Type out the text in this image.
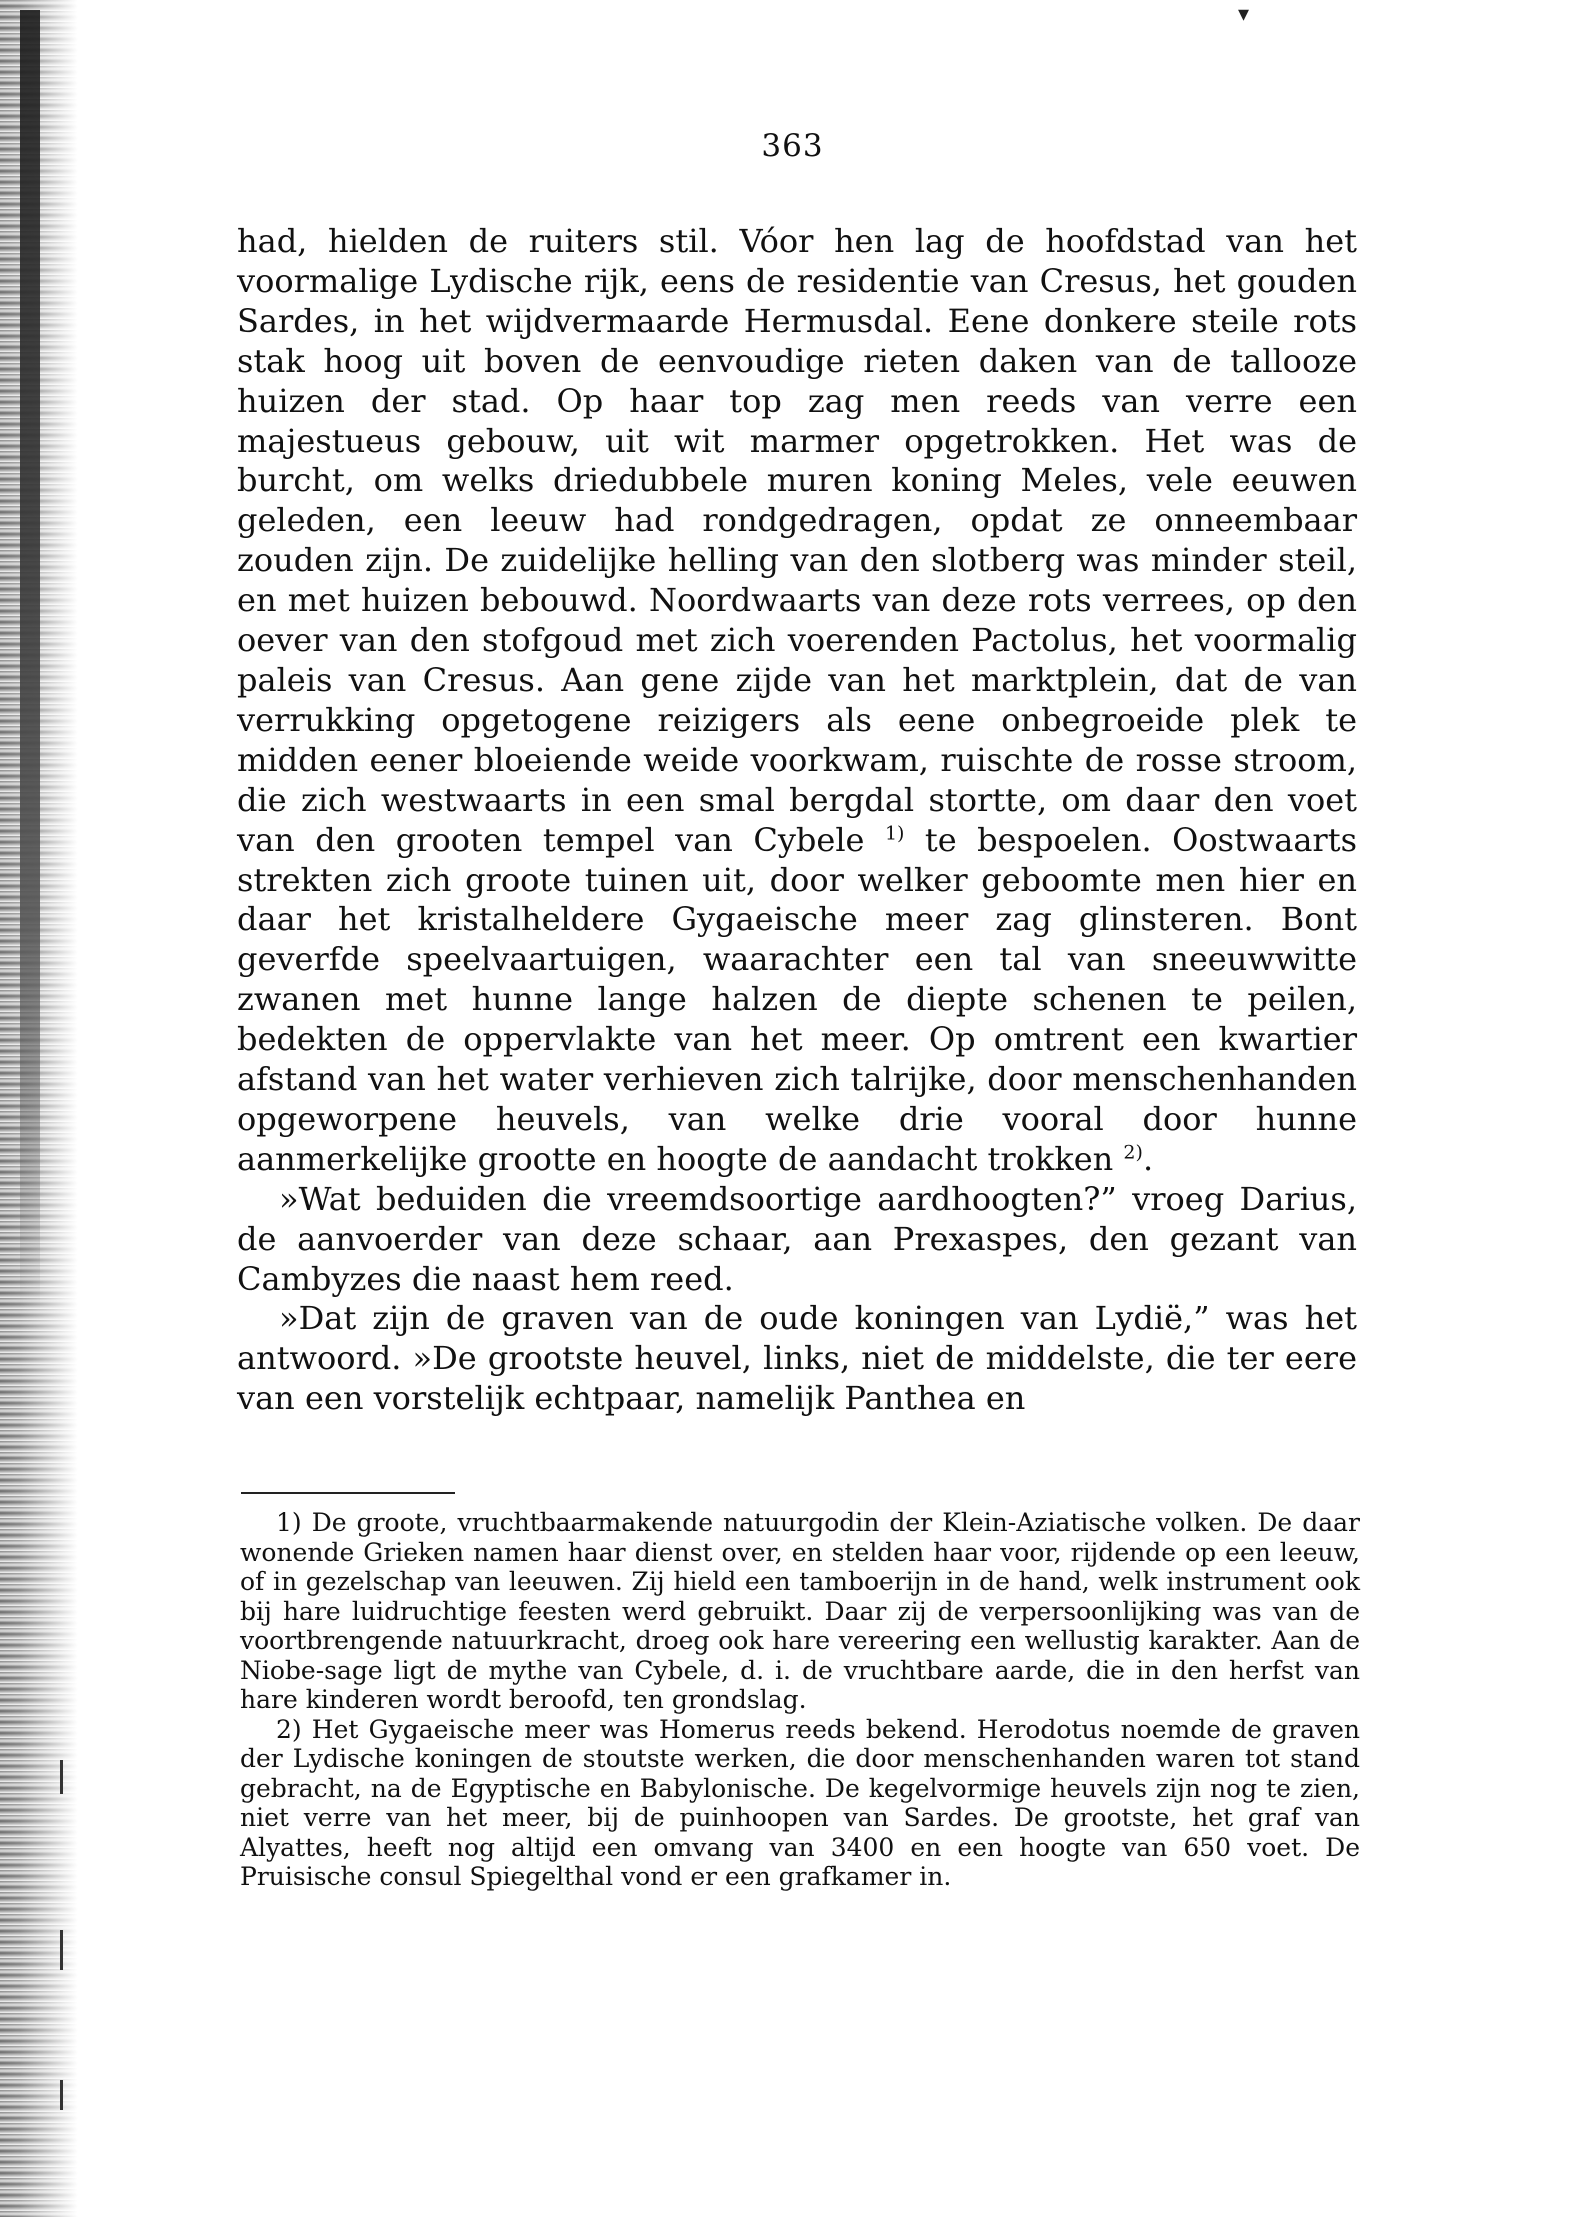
▾
363

had, hielden de ruiters stil. Vóor hen lag de hoofdstad van het voormalige Lydische rijk, eens de residentie van Cresus, het gouden Sardes, in het wijdvermaarde Hermusdal. Eene donkere steile rots stak hoog uit boven de eenvoudige rieten daken van de tallooze huizen der stad. Op haar top zag men reeds van verre een majestueus gebouw, uit wit marmer opgetrokken. Het was de burcht, om welks driedubbele muren koning Meles, vele eeuwen geleden, een leeuw had rondgedragen, opdat ze onneembaar zouden zijn. De zuidelijke helling van den slotberg was minder steil, en met huizen bebouwd. Noordwaarts van deze rots verrees, op den oever van den stofgoud met zich voerenden Pactolus, het voormalig paleis van Cresus. Aan gene zijde van het marktplein, dat de van verrukking opgetogene reizigers als eene onbegroeide plek te midden eener bloeiende weide voorkwam, ruischte de rosse stroom, die zich westwaarts in een smal bergdal stortte, om daar den voet van den grooten tempel van Cybele $^{1)}$ te bespoelen. Oostwaarts strekten zich groote tuinen uit, door welker geboomte men hier en daar het kristalheldere Gygaeische meer zag glinsteren. Bont geverfde speelvaartuigen, waarachter een tal van sneeuwwitte zwanen met hunne lange halzen de diepte schenen te peilen, bedekten de oppervlakte van het meer. Op omtrent een kwartier afstand van het water verhieven zich talrijke, door menschenhanden opgeworpene heuvels, van welke drie vooral door hunne aanmerkelijke grootte en hoogte de aandacht trokken $^{2)}$.

»Wat beduiden die vreemdsoortige aardhoogten?” vroeg Darius, de aanvoerder van deze schaar, aan Prexaspes, den gezant van Cambyzes die naast hem reed.

»Dat zijn de graven van de oude koningen van Lydië,” was het antwoord. »De grootste heuvel, links, niet de middelste, die ter eere van een vorstelijk echtpaar, namelijk Panthea en

1) De groote, vruchtbaarmakende natuurgodin der Klein-Aziatische volken. De daar wonende Grieken namen haar dienst over, en stelden haar voor, rijdende op een leeuw, of in gezelschap van leeuwen. Zij hield een tamboerijn in de hand, welk instrument ook bij hare luidruchtige feesten werd gebruikt. Daar zij de verpersoonlijking was van de voortbrengende natuurkracht, droeg ook hare vereering een wellustig karakter. Aan de Niobe-sage ligt de mythe van Cybele, d. i. de vruchtbare aarde, die in den herfst van hare kinderen wordt beroofd, ten grondslag.

2) Het Gygaeische meer was Homerus reeds bekend. Herodotus noemde de graven der Lydische koningen de stoutste werken, die door menschenhanden waren tot stand gebracht, na de Egyptische en Babylonische. De kegelvormige heuvels zijn nog te zien, niet verre van het meer, bij de puinhoopen van Sardes. De grootste, het graf van Alyattes, heeft nog altijd een omvang van 3400 en een hoogte van 650 voet. De Pruisische consul Spiegelthal vond er een grafkamer in.
